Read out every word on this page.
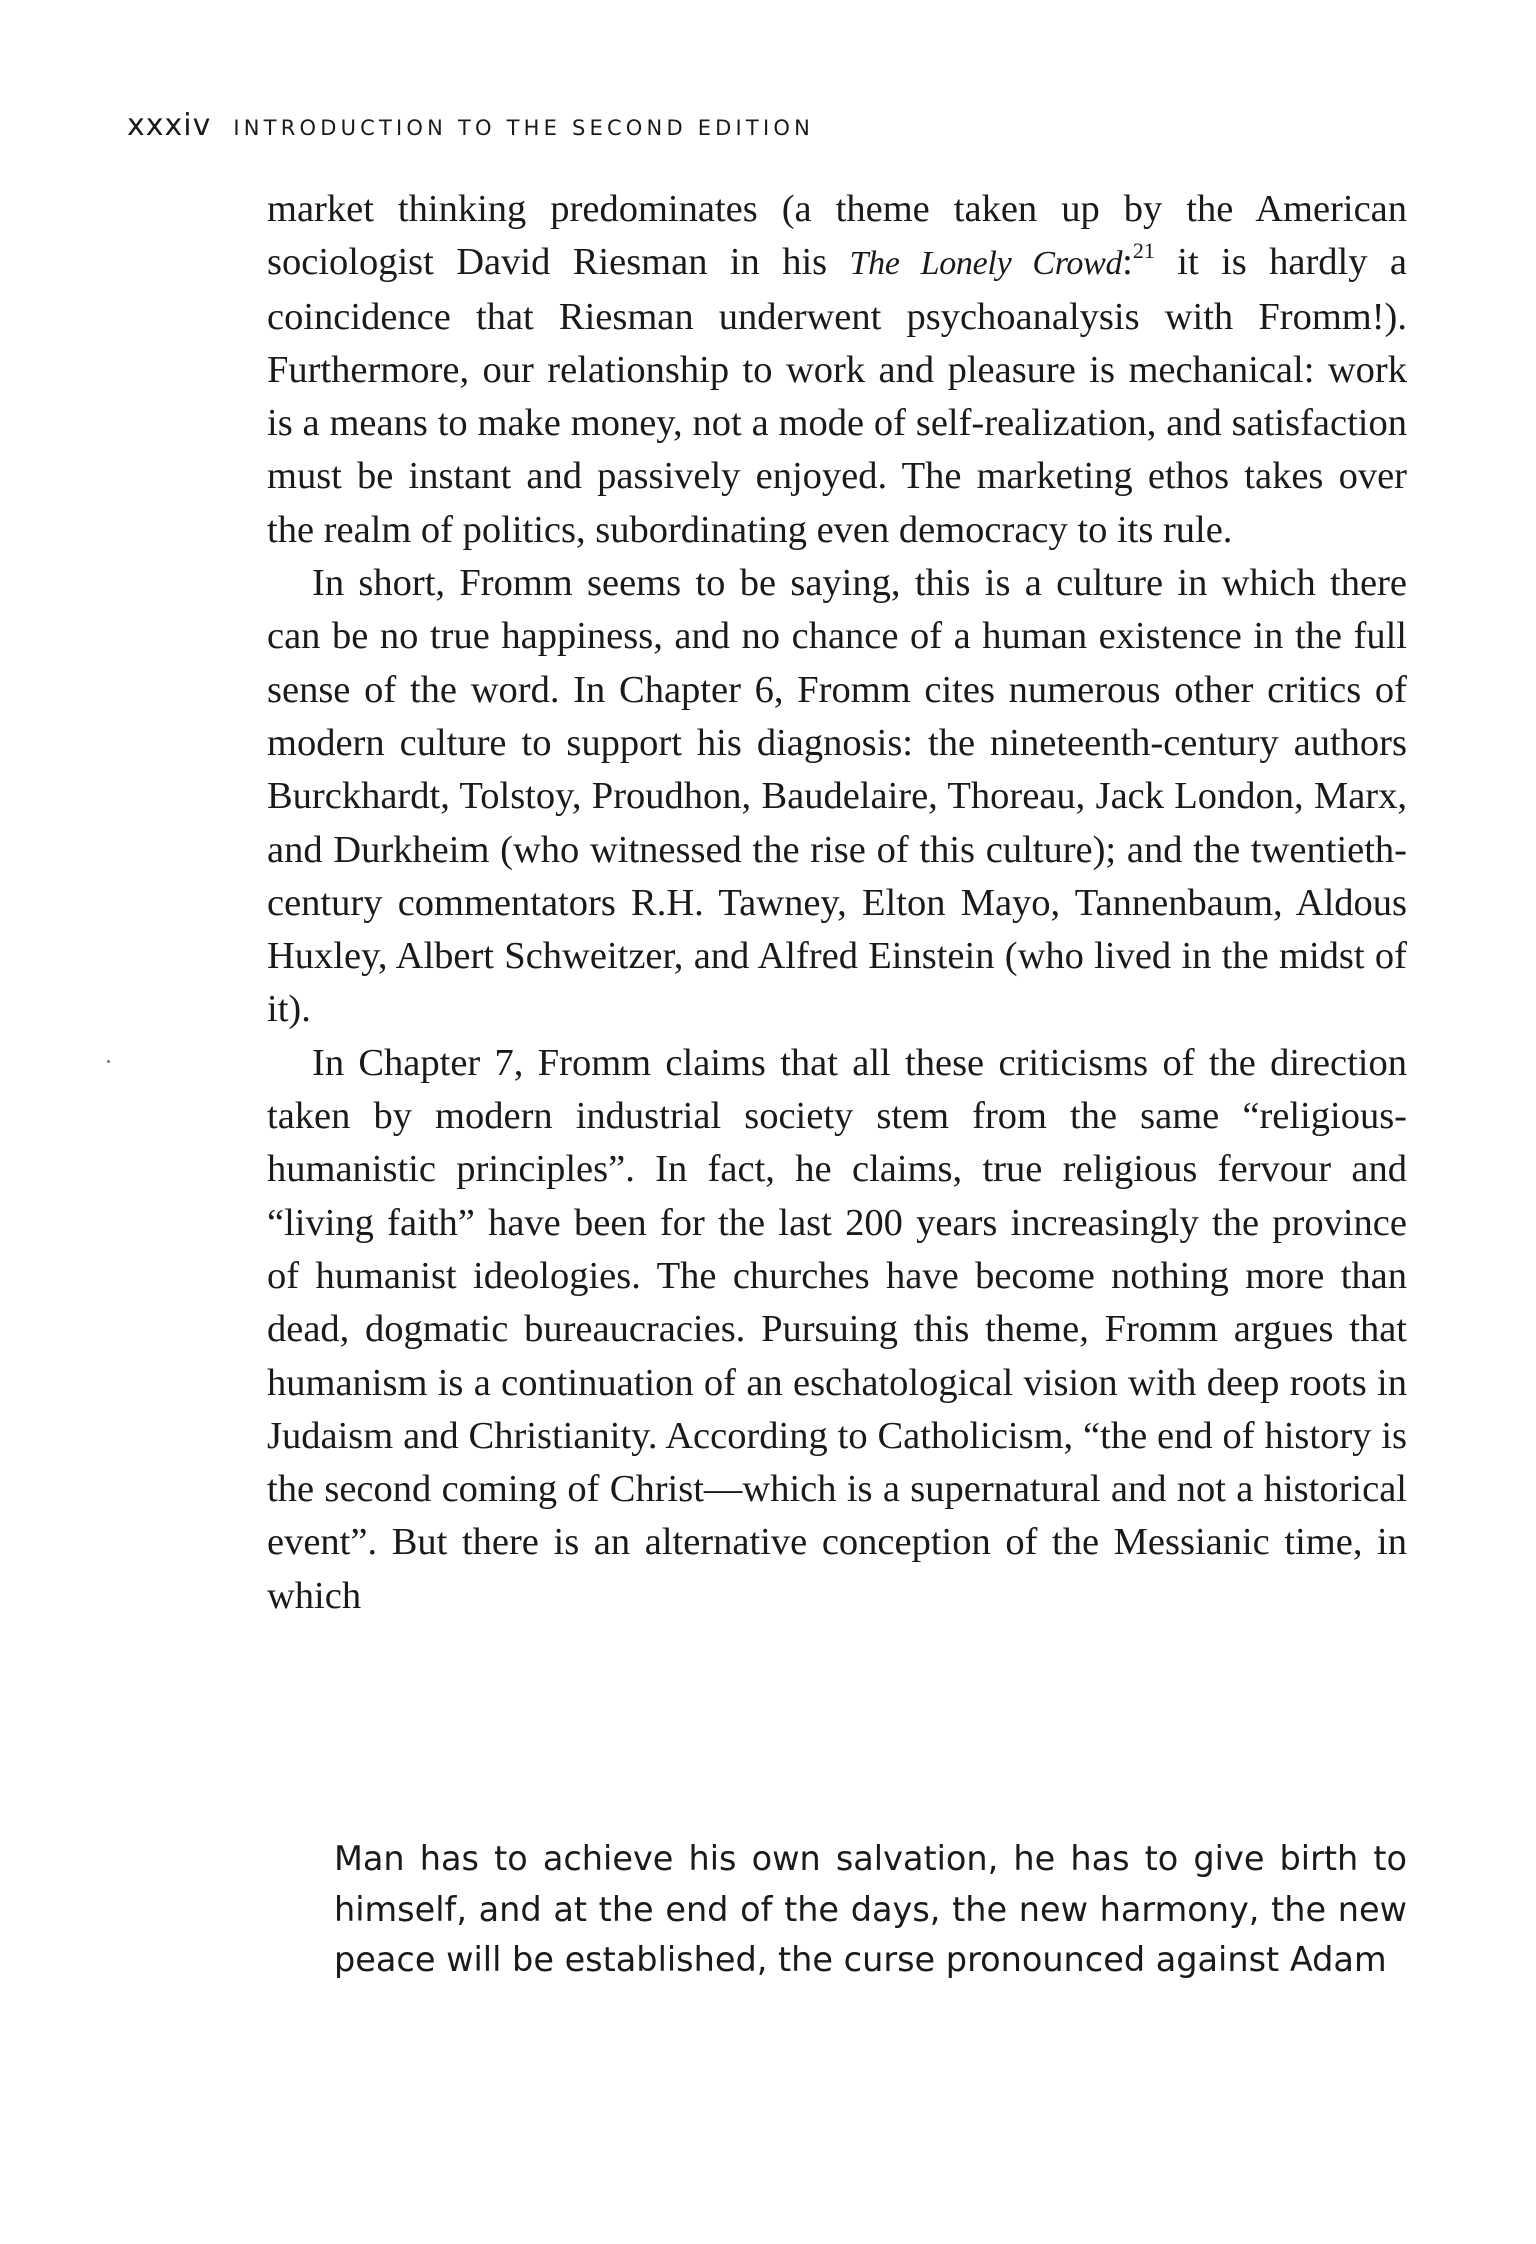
xxxiv INTRODUCTION TO THE SECOND EDITION

market thinking predominates (a theme taken up by the American sociologist David Riesman in his The Lonely Crowd:$^{21}$ it is hardly a coincidence that Riesman underwent psychoanalysis with Fromm!). Furthermore, our relationship to work and pleasure is mechanical: work is a means to make money, not a mode of self-realization, and satisfaction must be instant and passively enjoyed. The marketing ethos takes over the realm of politics, subordinating even democracy to its rule.

In short, Fromm seems to be saying, this is a culture in which there can be no true happiness, and no chance of a human existence in the full sense of the word. In Chapter 6, Fromm cites numerous other critics of modern culture to support his diagnosis: the nineteenth-century authors Burckhardt, Tolstoy, Proudhon, Baudelaire, Thoreau, Jack London, Marx, and Durkheim (who witnessed the rise of this culture); and the twentieth-century commentators R.H. Tawney, Elton Mayo, Tannenbaum, Aldous Huxley, Albert Schweitzer, and Alfred Einstein (who lived in the midst of it).

In Chapter 7, Fromm claims that all these criticisms of the direction taken by modern industrial society stem from the same “religious-humanistic principles”. In fact, he claims, true religious fervour and “living faith” have been for the last 200 years increasingly the province of humanist ideologies. The churches have become nothing more than dead, dogmatic bureaucracies. Pursuing this theme, Fromm argues that humanism is a continuation of an eschatological vision with deep roots in Judaism and Christianity. According to Catholicism, “the end of history is the second coming of Christ—which is a supernatural and not a historical event”. But there is an alternative conception of the Messianic time, in which

Man has to achieve his own salvation, he has to give birth to himself, and at the end of the days, the new harmony, the new peace will be established, the curse pronounced against Adam
